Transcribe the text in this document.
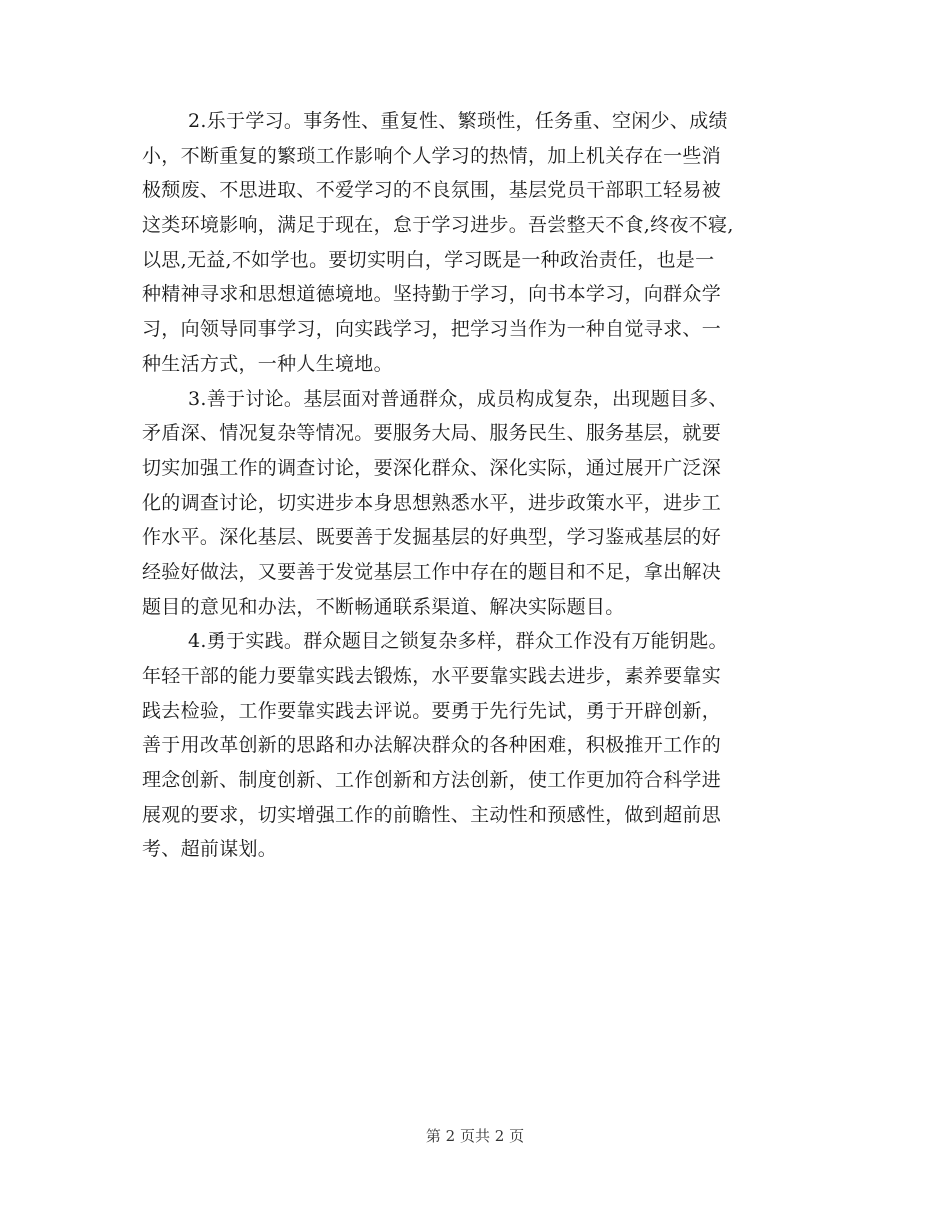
2.乐于学习。事务性、重复性、繁琐性，任务重、空闲少、成绩
小，不断重复的繁琐工作影响个人学习的热情，加上机关存在一些消
极颓废、不思进取、不爱学习的不良氛围，基层党员干部职工轻易被
这类环境影响，满足于现在，怠于学习进步。吾尝整天不食,终夜不寝,
以思,无益,不如学也。要切实明白，学习既是一种政治责任，也是一
种精神寻求和思想道德境地。坚持勤于学习，向书本学习，向群众学
习，向领导同事学习，向实践学习，把学习当作为一种自觉寻求、一
种生活方式，一种人生境地。
3.善于讨论。基层面对普通群众，成员构成复杂，出现题目多、
矛盾深、情况复杂等情况。要服务大局、服务民生、服务基层，就要
切实加强工作的调查讨论，要深化群众、深化实际，通过展开广泛深
化的调查讨论，切实进步本身思想熟悉水平，进步政策水平，进步工
作水平。深化基层、既要善于发掘基层的好典型，学习鉴戒基层的好
经验好做法，又要善于发觉基层工作中存在的题目和不足，拿出解决
题目的意见和办法，不断畅通联系渠道、解决实际题目。
4.勇于实践。群众题目之锁复杂多样，群众工作没有万能钥匙。
年轻干部的能力要靠实践去锻炼，水平要靠实践去进步，素养要靠实
践去检验，工作要靠实践去评说。要勇于先行先试，勇于开辟创新，
善于用改革创新的思路和办法解决群众的各种困难，积极推开工作的
理念创新、制度创新、工作创新和方法创新，使工作更加符合科学进
展观的要求，切实增强工作的前瞻性、主动性和预感性，做到超前思
考、超前谋划。
第 2 页共 2 页
